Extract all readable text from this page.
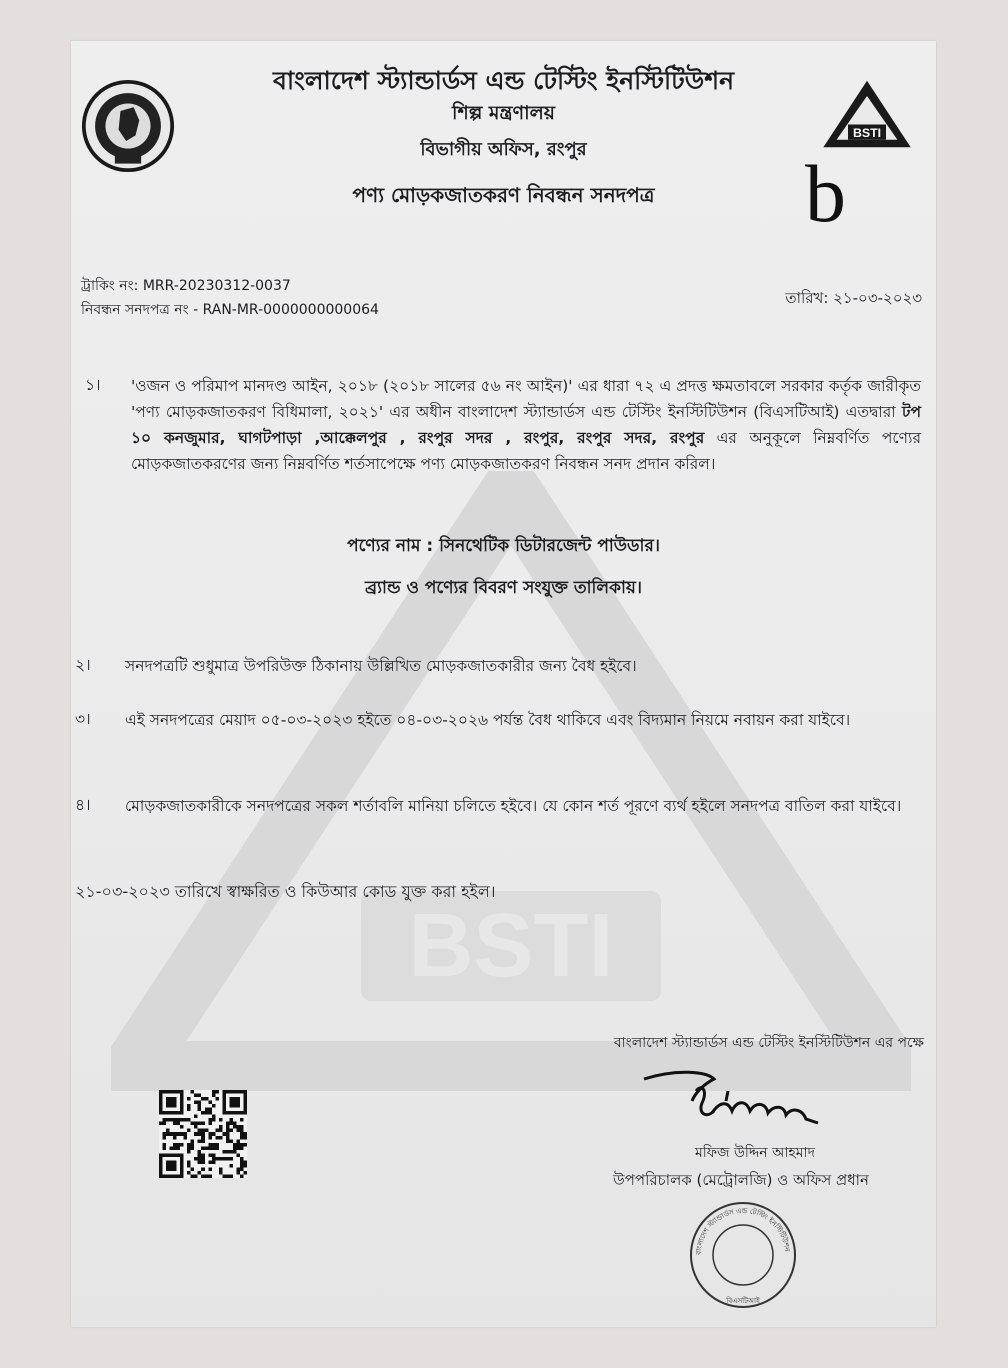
BSTI
BSTI
বাংলাদেশ স্ট্যান্ডার্ডস এন্ড টেস্টিং ইনস্টিটিউশন
শিল্প মন্ত্রণালয়
বিভাগীয় অফিস, রংপুর
পণ্য মোড়কজাতকরণ নিবন্ধন সনদপত্র	b
ট্রাকিং নং: MRR-20230312-0037
নিবন্ধন সনদপত্র নং - RAN-MR-0000000000064
তারিখ: ২১-০৩-২০২৩
১। 'ওজন ও পরিমাপ মানদণ্ড আইন, ২০১৮ (২০১৮ সালের ৫৬ নং আইন)' এর ধারা ৭২ এ প্রদত্ত ক্ষমতাবলে সরকার কর্তৃক জারীকৃত 'পণ্য মোড়কজাতকরণ বিধিমালা, ২০২১' এর অধীন বাংলাদেশ স্ট্যান্ডার্ডস এন্ড টেস্টিং ইনস্টিটিউশন (বিএসটিআই) এতদ্বারা টপ ১০ কনজুমার, ঘাগটপাড়া ,আক্কেলপুর , রংপুর সদর , রংপুর, রংপুর সদর, রংপুর এর অনুকূলে নিম্নবর্ণিত পণ্যের মোড়কজাতকরণের জন্য নিম্নবর্ণিত শর্তসাপেক্ষে পণ্য মোড়কজাতকরণ নিবন্ধন সনদ প্রদান করিল।
পণ্যের নাম : সিনথেটিক ডিটারজেন্ট পাউডার।
ব্র্যান্ড ও পণ্যের বিবরণ সংযুক্ত তালিকায়।
২। সনদপত্রটি শুধুমাত্র উপরিউক্ত ঠিকানায় উল্লিখিত মোড়কজাতকারীর জন্য বৈধ হইবে।
৩। এই সনদপত্রের মেয়াদ ০৫-০৩-২০২৩ হইতে ০৪-০৩-২০২৬ পর্যন্ত বৈধ থাকিবে এবং বিদ্যমান নিয়মে নবায়ন করা যাইবে।
৪। মোড়কজাতকারীকে সনদপত্রের সকল শর্তাবলি মানিয়া চলিতে হইবে। যে কোন শর্ত পূরণে ব্যর্থ হইলে সনদপত্র বাতিল করা যাইবে।
২১-০৩-২০২৩ তারিখে স্বাক্ষরিত ও কিউআর কোড যুক্ত করা হইল।
বাংলাদেশ স্ট্যান্ডার্ডস এন্ড টেস্টিং ইনস্টিটিউশন এর পক্ষে
মফিজ উদ্দিন আহমাদ
উপপরিচালক (মেট্রোলজি) ও অফিস প্রধান
বাংলাদেশ স্ট্যান্ডার্ডস এন্ড টেস্টিং ইনস্টিটিউশন
বিএসটিআই
